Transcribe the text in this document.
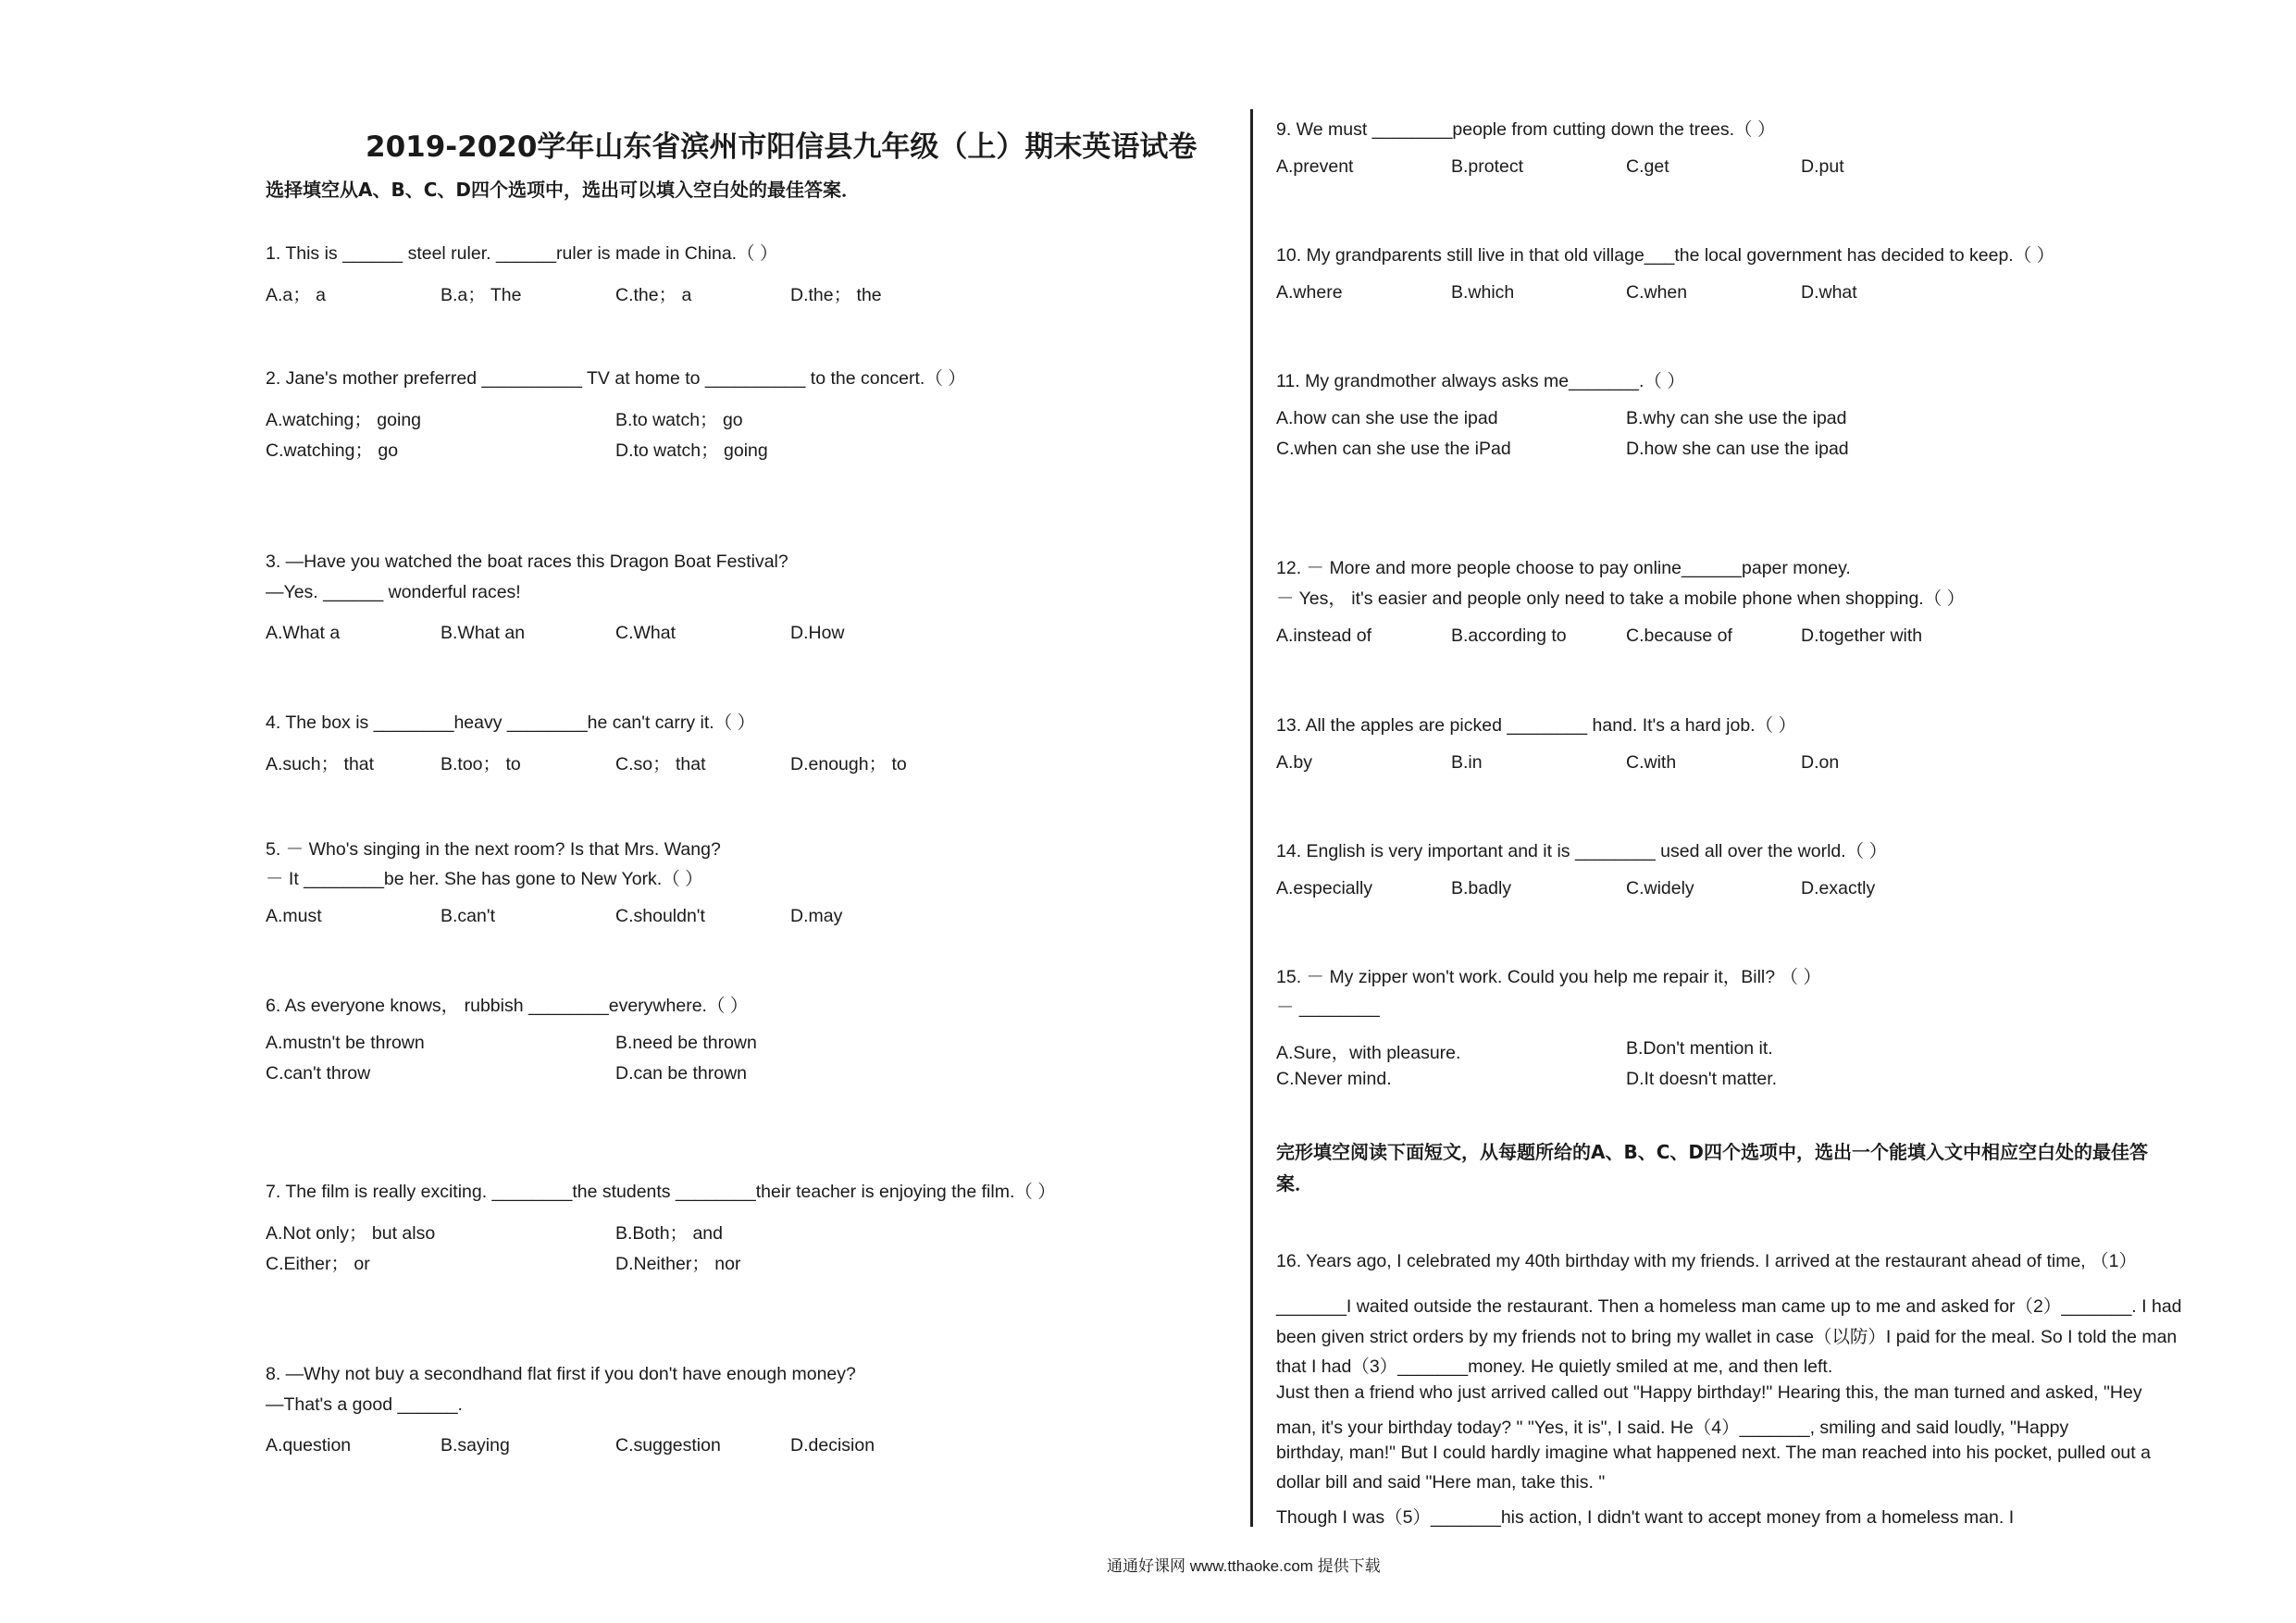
2019-2020学年山东省滨州市阳信县九年级（上）期末英语试卷
选择填空从A、B、C、D四个选项中，选出可以填入空白处的最佳答案．
1. This is ______ steel ruler. ______ruler is made in China.（ ）
A.a； a	B.a； The	C.the； a	D.the； the
2. Jane's mother preferred __________ TV at home to __________ to the concert.（ ）
A.watching； going	B.to watch； go
C.watching； go	D.to watch； going
3. —Have you watched the boat races this Dragon Boat Festival?
—Yes. ______ wonderful races!
A.What a	B.What an	C.What	D.How
4. The box is ________heavy ________he can't carry it.（ ）
A.such； that	B.too； to	C.so； that	D.enough； to
5. － Who's singing in the next room? Is that Mrs. Wang?
－ It ________be her. She has gone to New York.（ ）
A.must	B.can't	C.shouldn't	D.may
6. As everyone knows， rubbish ________everywhere.（ ）
A.mustn't be thrown	B.need be thrown
C.can't throw	D.can be thrown
7. The film is really exciting. ________the students ________their teacher is enjoying the film.（ ）
A.Not only； but also	B.Both； and
C.Either； or	D.Neither； nor
8. —Why not buy a secondhand flat first if you don't have enough money?
—That's a good ______.
A.question	B.saying	C.suggestion	D.decision
9. We must ________people from cutting down the trees.（ ）
A.prevent	B.protect	C.get	D.put
10. My grandparents still live in that old village___the local government has decided to keep.（ ）
A.where	B.which	C.when	D.what
11. My grandmother always asks me_______.（ ）
A.how can she use the ipad	B.why can she use the ipad
C.when can she use the iPad	D.how she can use the ipad
12. － More and more people choose to pay online______paper money.
－ Yes， it's easier and people only need to take a mobile phone when shopping.（ ）
A.instead of	B.according to	C.because of	D.together with
13. All the apples are picked ________ hand. It's a hard job.（ ）
A.by	B.in	C.with	D.on
14. English is very important and it is ________ used all over the world.（ ）
A.especially	B.badly	C.widely	D.exactly
15. － My zipper won't work. Could you help me repair it，Bill? （ ）
－ ________
A.Sure，with pleasure.	B.Don't mention it.
C.Never mind.	D.It doesn't matter.
完形填空阅读下面短文，从每题所给的A、B、C、D四个选项中，选出一个能填入文中相应空白处的最佳答
案．
16. Years ago, I celebrated my 40th birthday with my friends. I arrived at the restaurant ahead of time, （1）
_______I waited outside the restaurant. Then a homeless man came up to me and asked for（2）_______. I had
been given strict orders by my friends not to bring my wallet in case（以防）I paid for the meal. So I told the man
that I had（3）_______money. He quietly smiled at me, and then left.
Just then a friend who just arrived called out "Happy birthday!" Hearing this, the man turned and asked, "Hey
man, it's your birthday today? " "Yes, it is", I said. He（4）_______, smiling and said loudly, "Happy
birthday, man!" But I could hardly imagine what happened next. The man reached into his pocket, pulled out a
dollar bill and said "Here man, take this. "
Though I was（5）_______his action, I didn't want to accept money from a homeless man. I
通通好课网 www.tthaoke.com 提供下载
